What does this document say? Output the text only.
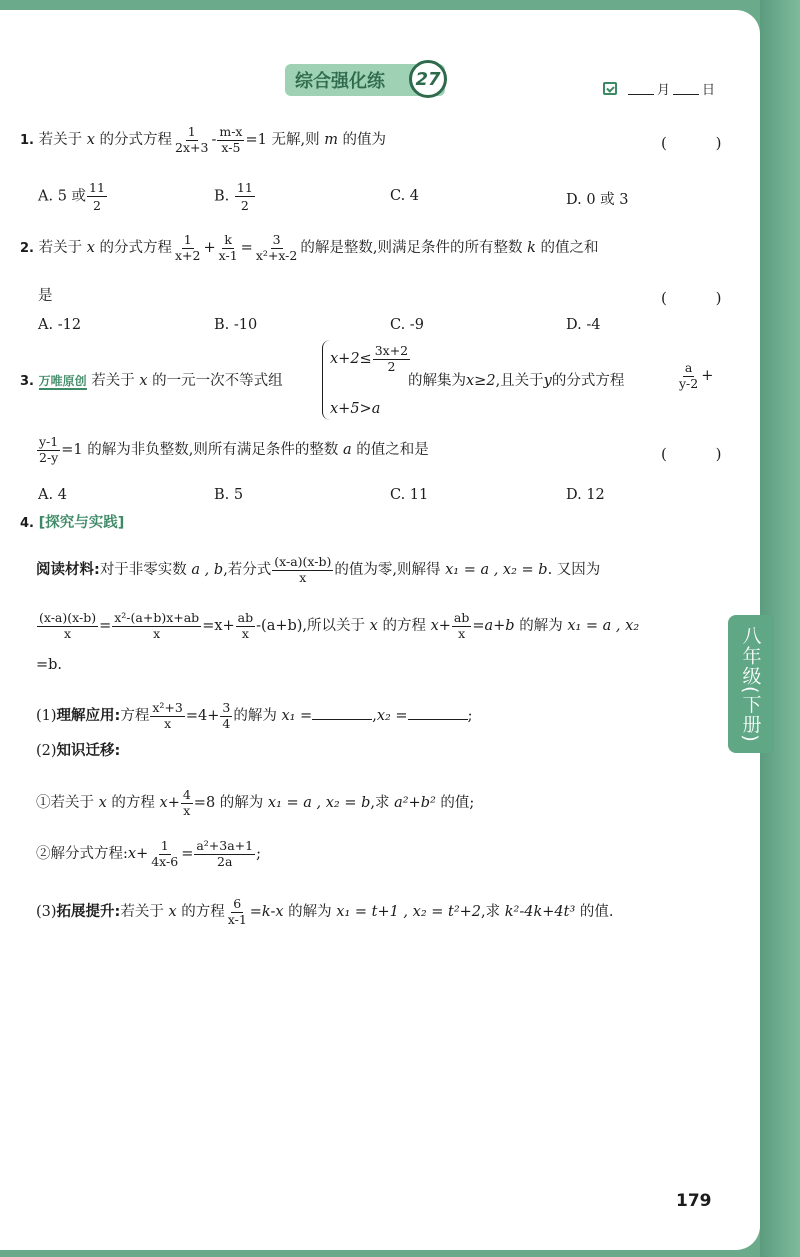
八年级(下册)
综合强化练	27
月 日
1. 若关于 x 的分式方程 $\frac{1}{2x+3} - \frac{m-x}{x-5} =1$ 无解,则 m 的值为	( )
A. 5 或 $\frac{11}{2}$	B. $\frac{11}{2}$	C. 4	D. 0 或 3
2. 若关于 x 的分式方程 $\frac{1}{x+2} + \frac{k}{x-1} = \frac{3}{\text{x²+x-2}}$ 的解是整数,则满足条件的所有整数 k 的值之和
是	( )
A. -12	B. -10	C. -9	D. -4
3. 万唯原创 若关于 x 的一元一次不等式组
$x+2\le \frac{3x+2}{2}$
x+5>a
的解集为x≥2,且关于y的分式方程	$\frac{a}{y-2}$ +
$\frac{y-1}{2-y} =1$ 的解为非负整数,则所有满足条件的整数 a 的值之和是	( )
A. 4	B. 5	C. 11	D. 12
4. [探究与实践]
阅读材料:对于非零实数 a , b,若分式 $\frac{(x-a)(x-b)}{x}$ 的值为零,则解得 x₁ = a , x₂ = b. 又因为
$\frac{(x-a)(x-b)}{x} = \frac{\text{x²-(a+b)x+ab}}{x} =x+ \frac{ab}{x} -(a+b)$,所以关于 x 的方程 $x+ \frac{ab}{x} =a+b$ 的解为 x₁ = a , x₂
=b.
(1)理解应用:方程 $\frac{\text{x²+3}}{x} =4+ \frac{3}{4}$ 的解为 x₁ =	,x₂ =	;
(2)知识迁移:
①若关于 x 的方程 $x+ \frac{4}{x} =8$ 的解为 x₁ = a , x₂ = b,求 a²+b² 的值;
②解分式方程:x+ $\frac{1}{4x-6} = \frac{\text{a²+3a+1}}{2a}$ ;
(3)拓展提升:若关于 x 的方程 $\frac{6}{x-1} =k-x$ 的解为 x₁ = t+1 , x₂ = t²+2,求 k²-4k+4t³ 的值.
179
